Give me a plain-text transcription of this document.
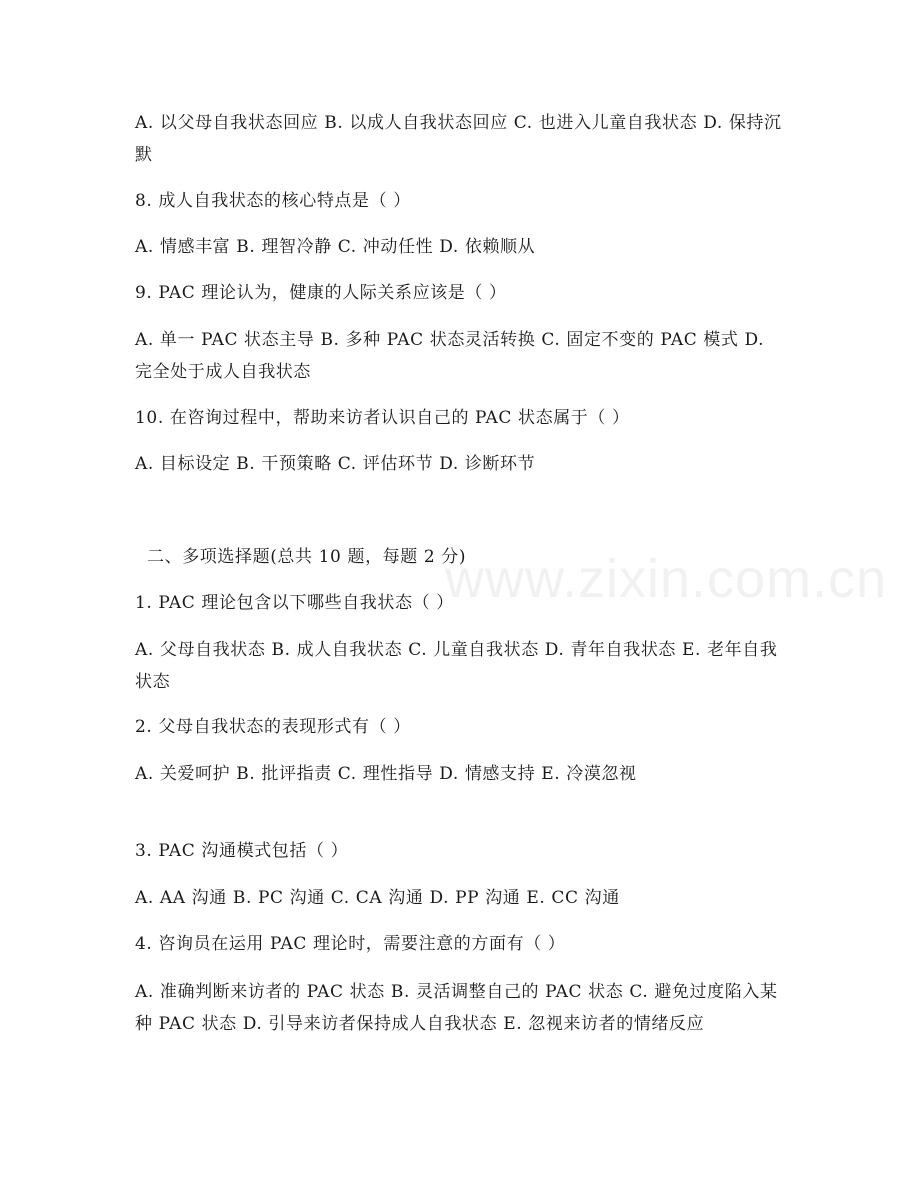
www.zixin.com.cn
A. 以父母自我状态回应 B. 以成人自我状态回应 C. 也进入儿童自我状态 D. 保持沉默
8. 成人自我状态的核心特点是（ ）
A. 情感丰富 B. 理智冷静 C. 冲动任性 D. 依赖顺从
9. PAC 理论认为，健康的人际关系应该是（ ）
A. 单一 PAC 状态主导 B. 多种 PAC 状态灵活转换 C. 固定不变的 PAC 模式 D. 完全处于成人自我状态
10. 在咨询过程中，帮助来访者认识自己的 PAC 状态属于（ ）
A. 目标设定 B. 干预策略 C. 评估环节 D. 诊断环节
二、多项选择题(总共 10 题，每题 2 分)
1. PAC 理论包含以下哪些自我状态（ ）
A. 父母自我状态 B. 成人自我状态 C. 儿童自我状态 D. 青年自我状态 E. 老年自我状态
2. 父母自我状态的表现形式有（ ）
A. 关爱呵护 B. 批评指责 C. 理性指导 D. 情感支持 E. 冷漠忽视
3. PAC 沟通模式包括（ ）
A. AA 沟通 B. PC 沟通 C. CA 沟通 D. PP 沟通 E. CC 沟通
4. 咨询员在运用 PAC 理论时，需要注意的方面有（ ）
A. 准确判断来访者的 PAC 状态 B. 灵活调整自己的 PAC 状态 C. 避免过度陷入某种 PAC 状态 D. 引导来访者保持成人自我状态 E. 忽视来访者的情绪反应
